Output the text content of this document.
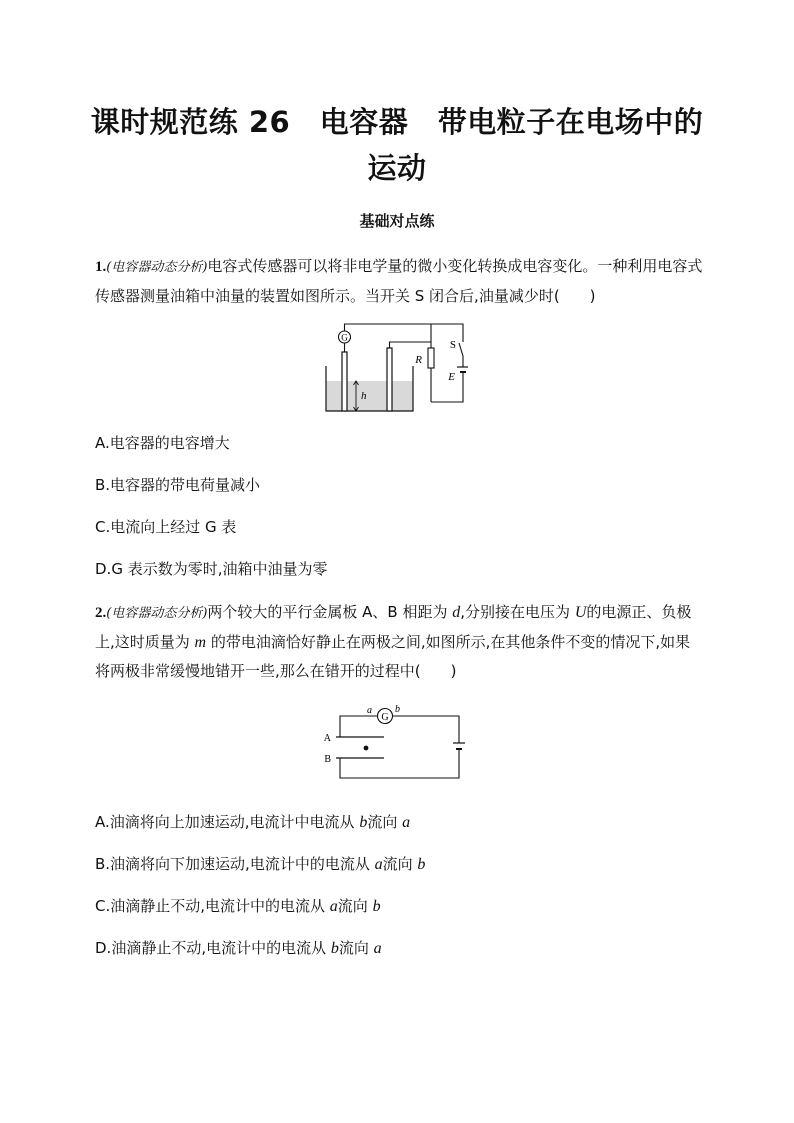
课时规范练 26　电容器　带电粒子在电场中的
运动
基础对点练
1.(电容器动态分析)电容式传感器可以将非电学量的微小变化转换成电容变化。一种利用电容式传感器测量油箱中油量的装置如图所示。当开关 S 闭合后,油量减少时(　　)
G
R
S
E
h
A.电容器的电容增大
B.电容器的带电荷量减小
C.电流向上经过 G 表
D.G 表示数为零时,油箱中油量为零
2.(电容器动态分析)两个较大的平行金属板 A、B 相距为 d,分别接在电压为 U的电源正、负极上,这时质量为 m 的带电油滴恰好静止在两极之间,如图所示,在其他条件不变的情况下,如果将两极非常缓慢地错开一些,那么在错开的过程中(　　)
G
a b
A
B
A.油滴将向上加速运动,电流计中电流从 b流向 a
B.油滴将向下加速运动,电流计中的电流从 a流向 b
C.油滴静止不动,电流计中的电流从 a流向 b
D.油滴静止不动,电流计中的电流从 b流向 a
